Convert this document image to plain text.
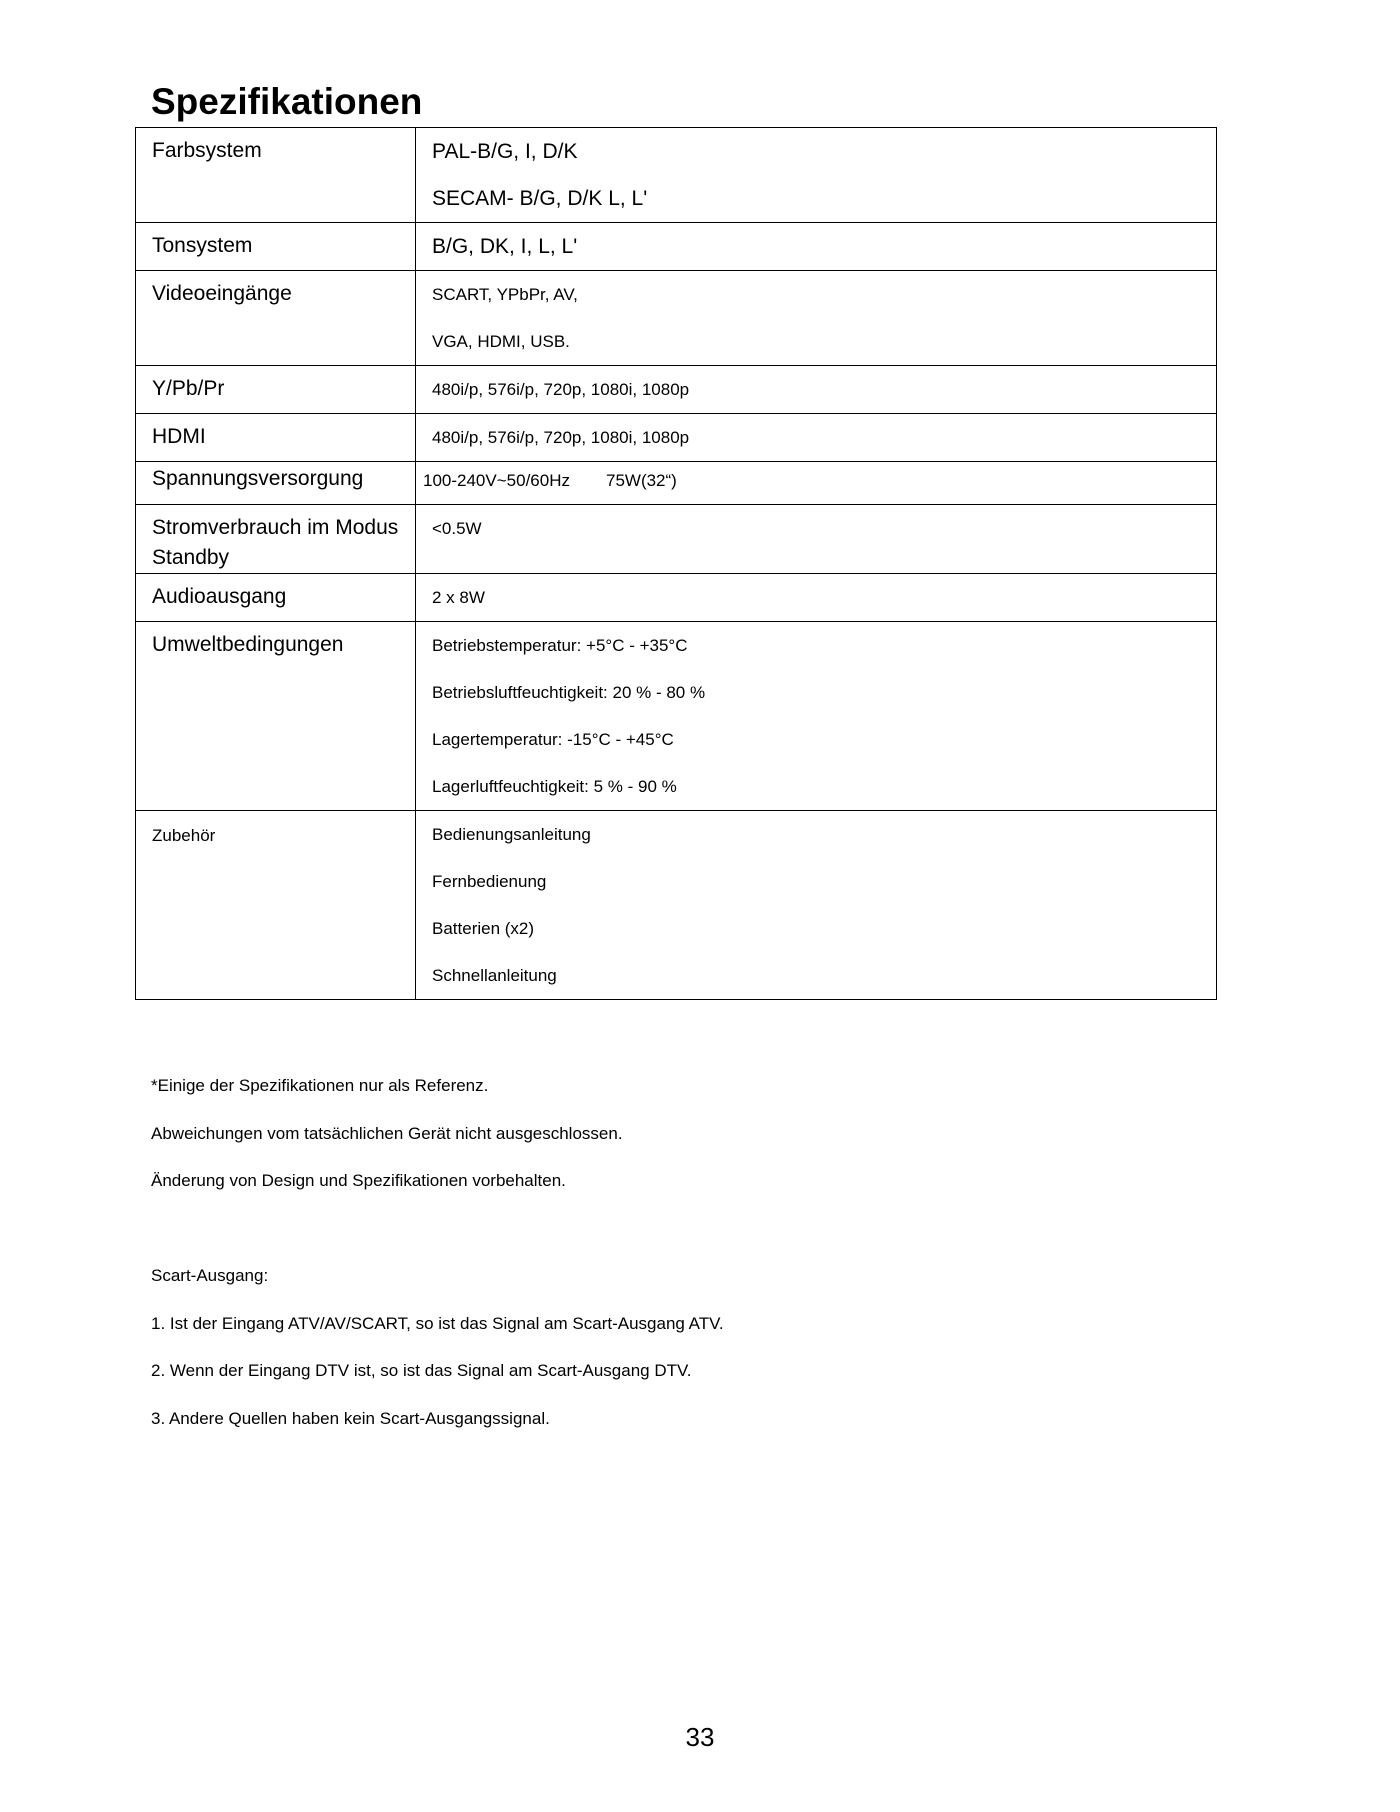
Spezifikationen
Farbsystem	PAL-B/G, I, D/K
SECAM- B/G, D/K L, L'

Tonsystem	B/G, DK, I, L, L'

Videoeingänge	SCART, YPbPr, AV,
VGA, HDMI, USB.

Y/Pb/Pr	480i/p, 576i/p, 720p, 1080i, 1080p

HDMI	480i/p, 576i/p, 720p, 1080i, 1080p

Spannungsversorgung	100-240V~50/60Hz 75W(32“)

Stromverbrauch im Modus Standby	<0.5W

Audioausgang	2 x 8W

Umweltbedingungen	Betriebstemperatur: +5°C - +35°C
Betriebsluftfeuchtigkeit: 20 % - 80 %
Lagertemperatur: -15°C - +45°C
Lagerluftfeuchtigkeit: 5 % - 90 %

Zubehör	Bedienungsanleitung
Fernbedienung
Batterien (x2)
Schnellanleitung

*Einige der Spezifikationen nur als Referenz.

Abweichungen vom tatsächlichen Gerät nicht ausgeschlossen.

Änderung von Design und Spezifikationen vorbehalten.

Scart-Ausgang:

1. Ist der Eingang ATV/AV/SCART, so ist das Signal am Scart-Ausgang ATV.

2. Wenn der Eingang DTV ist, so ist das Signal am Scart-Ausgang DTV.

3. Andere Quellen haben kein Scart-Ausgangssignal.

33
